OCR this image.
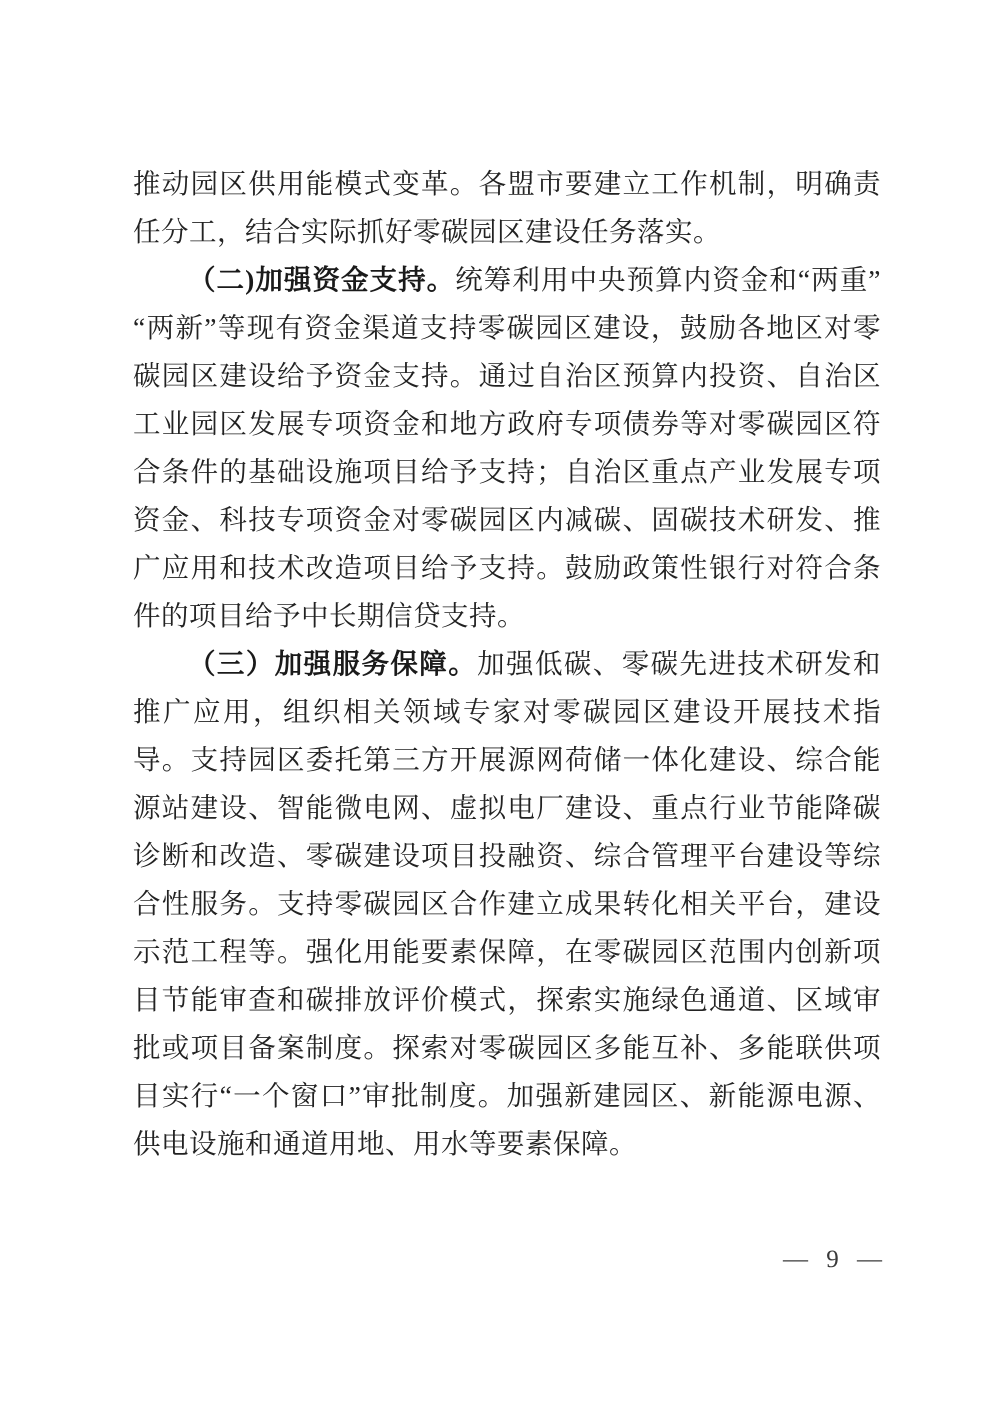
推动园区供用能模式变革。各盟市要建立工作机制，明确责任分工，结合实际抓好零碳园区建设任务落实。

（二)加强资金支持。统筹利用中央预算内资金和“两重”“两新”等现有资金渠道支持零碳园区建设，鼓励各地区对零碳园区建设给予资金支持。通过自治区预算内投资、自治区工业园区发展专项资金和地方政府专项债券等对零碳园区符合条件的基础设施项目给予支持；自治区重点产业发展专项资金、科技专项资金对零碳园区内减碳、固碳技术研发、推广应用和技术改造项目给予支持。鼓励政策性银行对符合条件的项目给予中长期信贷支持。

（三）加强服务保障。加强低碳、零碳先进技术研发和推广应用，组织相关领域专家对零碳园区建设开展技术指导。支持园区委托第三方开展源网荷储一体化建设、综合能源站建设、智能微电网、虚拟电厂建设、重点行业节能降碳诊断和改造、零碳建设项目投融资、综合管理平台建设等综合性服务。支持零碳园区合作建立成果转化相关平台，建设示范工程等。强化用能要素保障，在零碳园区范围内创新项目节能审查和碳排放评价模式，探索实施绿色通道、区域审批或项目备案制度。探索对零碳园区多能互补、多能联供项目实行“一个窗口”审批制度。加强新建园区、新能源电源、供电设施和通道用地、用水等要素保障。

— 9 —
